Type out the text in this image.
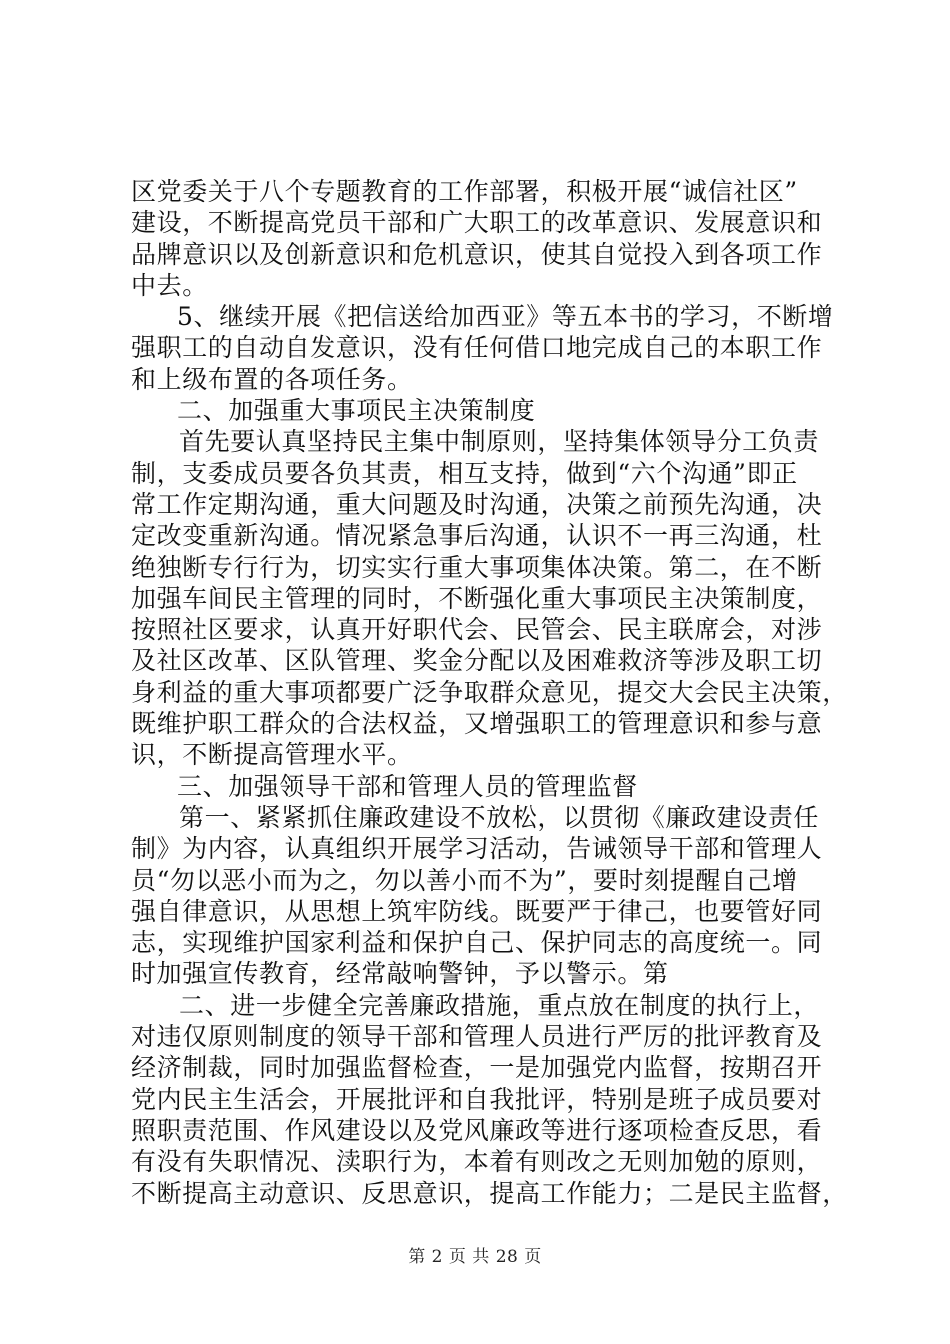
区党委关于八个专题教育的工作部署，积极开展“诚信社区”
建设，不断提高党员干部和广大职工的改革意识、发展意识和
品牌意识以及创新意识和危机意识，使其自觉投入到各项工作
中去。
5、继续开展《把信送给加西亚》等五本书的学习，不断增
强职工的自动自发意识，没有任何借口地完成自己的本职工作
和上级布置的各项任务。
二、加强重大事项民主决策制度
首先要认真坚持民主集中制原则，坚持集体领导分工负责
制，支委成员要各负其责，相互支持，做到“六个沟通”即正
常工作定期沟通，重大问题及时沟通，决策之前预先沟通，决
定改变重新沟通。情况紧急事后沟通，认识不一再三沟通，杜
绝独断专行行为，切实实行重大事项集体决策。第二，在不断
加强车间民主管理的同时，不断强化重大事项民主决策制度，
按照社区要求，认真开好职代会、民管会、民主联席会，对涉
及社区改革、区队管理、奖金分配以及困难救济等涉及职工切
身利益的重大事项都要广泛争取群众意见，提交大会民主决策，
既维护职工群众的合法权益，又增强职工的管理意识和参与意
识，不断提高管理水平。
三、加强领导干部和管理人员的管理监督
第一、紧紧抓住廉政建设不放松，以贯彻《廉政建设责任
制》为内容，认真组织开展学习活动，告诫领导干部和管理人
员“勿以恶小而为之，勿以善小而不为”，要时刻提醒自己增
强自律意识，从思想上筑牢防线。既要严于律己，也要管好同
志，实现维护国家利益和保护自己、保护同志的高度统一。同
时加强宣传教育，经常敲响警钟，予以警示。第
二、进一步健全完善廉政措施，重点放在制度的执行上，
对违仅原则制度的领导干部和管理人员进行严厉的批评教育及
经济制裁，同时加强监督检查，一是加强党内监督，按期召开
党内民主生活会，开展批评和自我批评，特别是班子成员要对
照职责范围、作风建设以及党风廉政等进行逐项检查反思，看
有没有失职情况、渎职行为，本着有则改之无则加勉的原则，
不断提高主动意识、反思意识，提高工作能力；二是民主监督，
第 2 页 共 28 页
